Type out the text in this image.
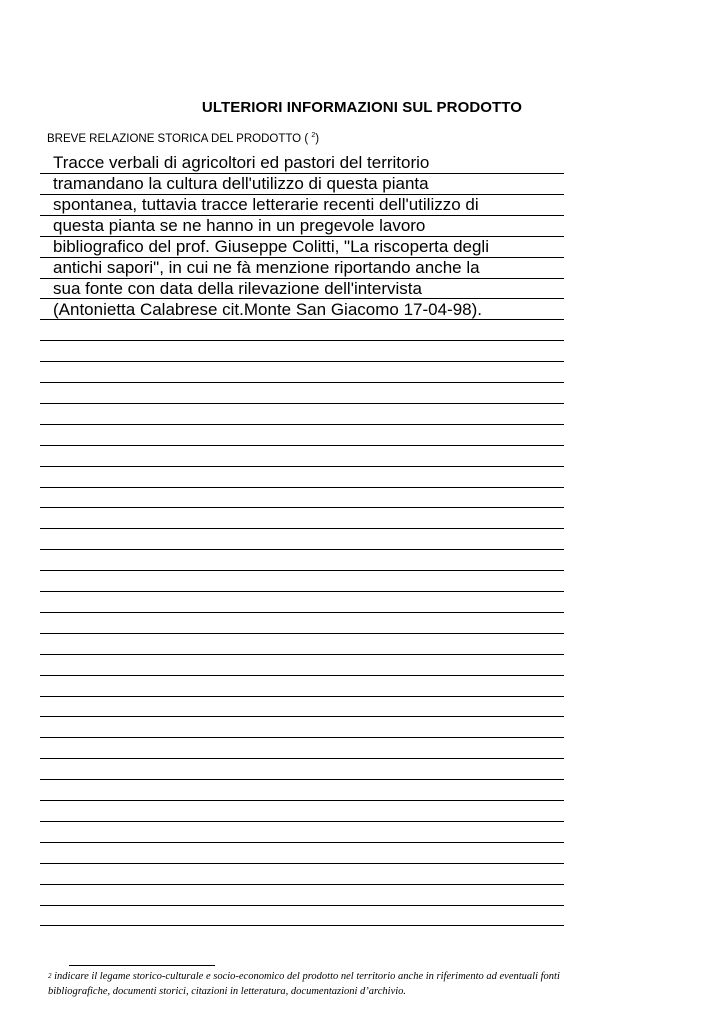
ULTERIORI INFORMAZIONI SUL PRODOTTO
BREVE RELAZIONE STORICA DEL PRODOTTO ( $^2$)
Tracce verbali di agricoltori ed pastori del territorio
tramandano la cultura dell'utilizzo di questa pianta
spontanea, tuttavia tracce letterarie recenti dell'utilizzo di
questa pianta se ne hanno in un pregevole lavoro
bibliografico del prof. Giuseppe Colitti, "La riscoperta degli
antichi sapori", in cui ne fà menzione riportando anche la
sua fonte con data della rilevazione dell'intervista
(Antonietta Calabrese cit.Monte San Giacomo 17-04-98).
$^2$ indicare il legame storico-culturale e socio-economico del prodotto nel territorio anche in riferimento ad eventuali fonti
bibliografiche, documenti storici, citazioni in letteratura, documentazioni d’archivio.
